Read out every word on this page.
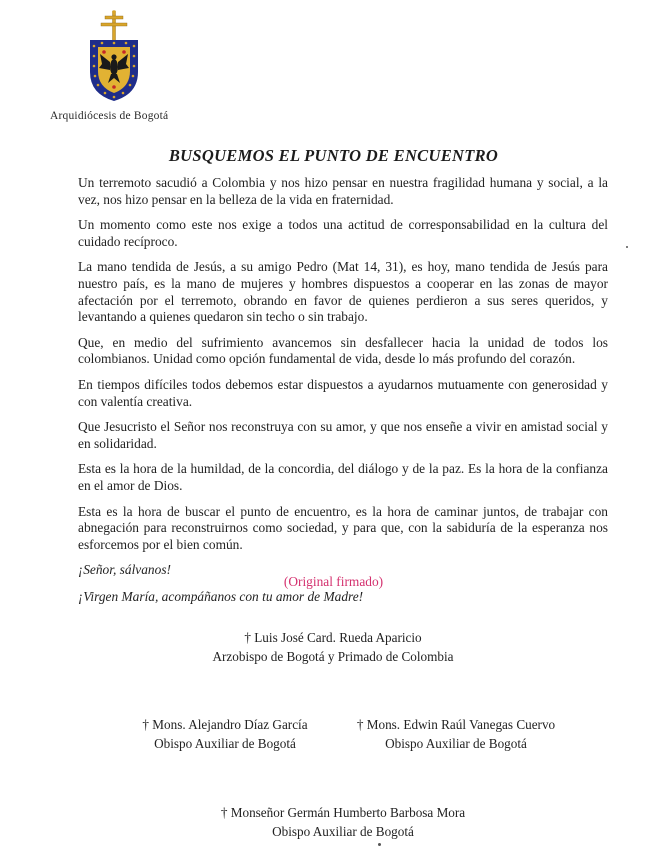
Arquidiócesis de Bogotá
BUSQUEMOS EL PUNTO DE ENCUENTRO

Un terremoto sacudió a Colombia y nos hizo pensar en nuestra fragilidad humana y social, a la vez, nos hizo pensar en la belleza de la vida en fraternidad.

Un momento como este nos exige a todos una actitud de corresponsabilidad en la cultura del cuidado recíproco.

La mano tendida de Jesús, a su amigo Pedro (Mat 14, 31), es hoy, mano tendida de Jesús para nuestro país, es la mano de mujeres y hombres dispuestos a cooperar en las zonas de mayor afectación por el terremoto, obrando en favor de quienes perdieron a sus seres queridos, y levantando a quienes quedaron sin techo o sin trabajo.

Que, en medio del sufrimiento avancemos sin desfallecer hacia la unidad de todos los colombianos. Unidad como opción fundamental de vida, desde lo más profundo del corazón.

En tiempos difíciles todos debemos estar dispuestos a ayudarnos mutuamente con generosidad y con valentía creativa.

Que Jesucristo el Señor nos reconstruya con su amor, y que nos enseñe a vivir en amistad social y en solidaridad.

Esta es la hora de la humildad, de la concordia, del diálogo y de la paz. Es la hora de la confianza en el amor de Dios.

Esta es la hora de buscar el punto de encuentro, es la hora de caminar juntos, de trabajar con abnegación para reconstruirnos como sociedad, y para que, con la sabiduría de la esperanza nos esforcemos por el bien común.

¡Señor, sálvanos!

¡Virgen María, acompáñanos con tu amor de Madre!

(Original firmado)
† Luis José Card. Rueda Aparicio
Arzobispo de Bogotá y Primado de Colombia
† Mons. Alejandro Díaz García
Obispo Auxiliar de Bogotá
† Mons. Edwin Raúl Vanegas Cuervo
Obispo Auxiliar de Bogotá
† Monseñor Germán Humberto Barbosa Mora
Obispo Auxiliar de Bogotá
